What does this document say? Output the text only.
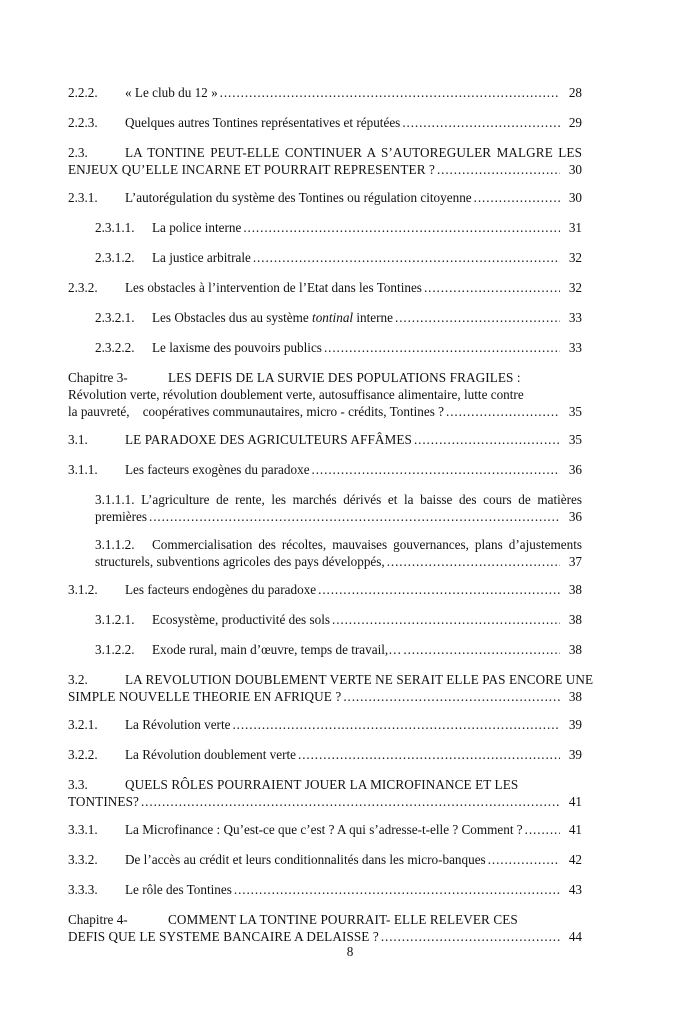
2.2.2.	« Le club du 12 » . . .	28
2.2.3.	Quelques autres Tontines représentatives et réputées . . .	29
2.3.	LA TONTINE PEUT-ELLE CONTINUER A S’AUTOREGULER MALGRE LES
ENJEUX QU’ELLE INCARNE ET POURRAIT REPRESENTER ? . . .	30
2.3.1.	L’autorégulation du système des Tontines ou régulation citoyenne . . .	30
2.3.1.1.	La police interne . . .	31
2.3.1.2.	La justice arbitrale . . .	32
2.3.2.	Les obstacles à l’intervention de l’Etat dans les Tontines . . .	32
2.3.2.1.	Les Obstacles dus au système tontinal interne . . .	33
2.3.2.2.	Le laxisme des pouvoirs publics . . .	33
Chapitre 3-	LES DEFIS DE LA SURVIE DES POPULATIONS FRAGILES :
Révolution verte, révolution doublement verte, autosuffisance alimentaire, lutte contre
la pauvreté,    coopératives communautaires, micro - crédits, Tontines ? . . .	35
3.1.	LE PARADOXE DES AGRICULTEURS AFFÂMES . . .	35
3.1.1.	Les facteurs exogènes du paradoxe . . .	36
3.1.1.1. L’agriculture de rente, les marchés dérivés et la baisse des cours de matières
premières . . .	36
3.1.1.2.	Commercialisation des récoltes, mauvaises gouvernances, plans d’ajustements
structurels, subventions agricoles des pays développés, . . .	37
3.1.2.	Les facteurs endogènes du paradoxe . . .	38
3.1.2.1.	Ecosystème, productivité des sols . . .	38
3.1.2.2.	Exode rural, main d’œuvre, temps de travail,… . . .	38
3.2.	LA REVOLUTION DOUBLEMENT VERTE NE SERAIT ELLE PAS ENCORE UNE
SIMPLE NOUVELLE THEORIE EN AFRIQUE ? . . .	38
3.2.1.	La Révolution verte . . .	39
3.2.2.	La Révolution doublement verte . . .	39
3.3.	QUELS RÔLES POURRAIENT JOUER LA MICROFINANCE ET LES
TONTINES? . . .	41
3.3.1.	La Microfinance : Qu’est-ce que c’est ? A qui s’adresse-t-elle ? Comment ? . . .	41
3.3.2.	De l’accès au crédit et leurs conditionnalités dans les micro-banques . . .	42
3.3.3.	Le rôle des Tontines . . .	43
Chapitre 4-	COMMENT LA TONTINE POURRAIT- ELLE RELEVER CES
DEFIS QUE LE SYSTEME BANCAIRE A DELAISSE ? . . .	44
8
